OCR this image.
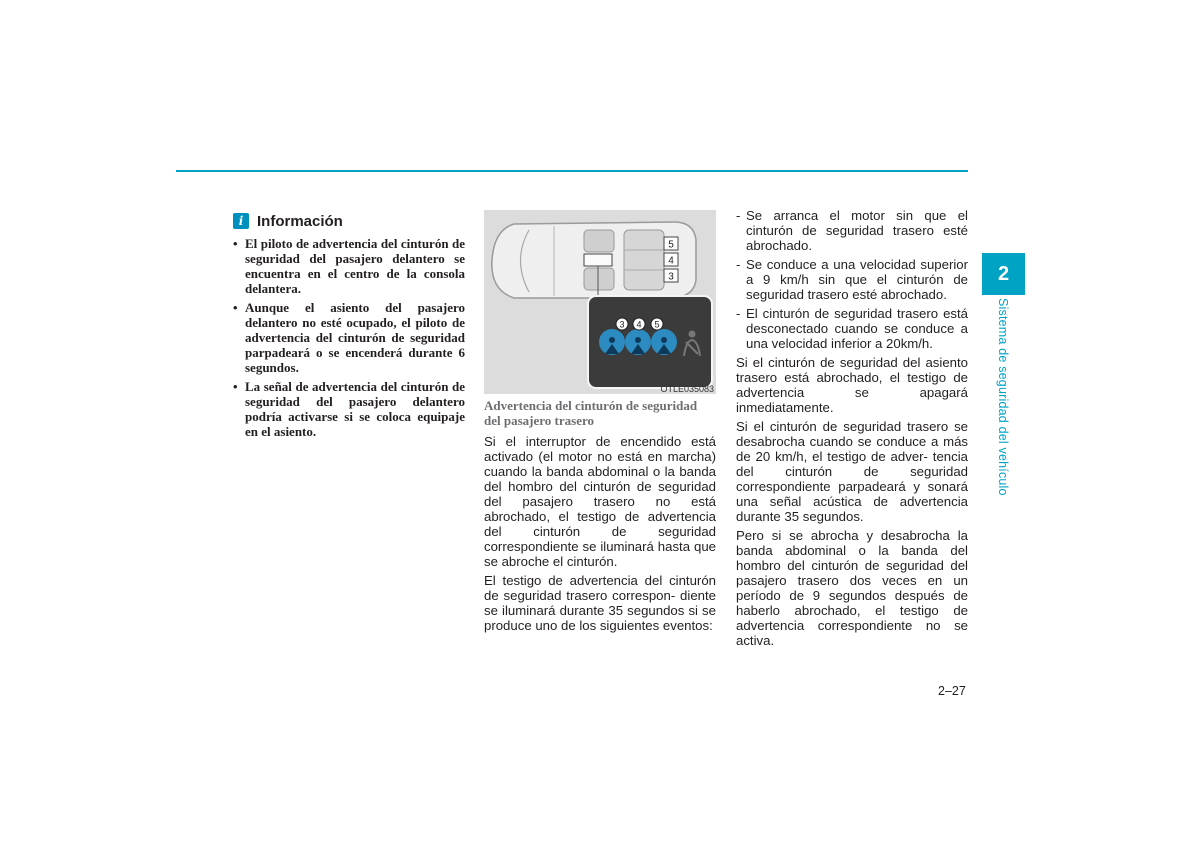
i Información
• El piloto de advertencia del cinturón de seguridad del pasajero delantero se encuentra en el centro de la consola delantera.
• Aunque el asiento del pasajero delantero no esté ocupado, el piloto de advertencia del cinturón de seguridad parpadeará o se encenderá durante 6 segundos.
• La señal de advertencia del cinturón de seguridad del pasajero delantero podría activarse si se coloca equipaje en el asiento.
5
4
3
3 4 5
OTLE035083
Advertencia del cinturón de seguridad del pasajero trasero

Si el interruptor de encendido está activado (el motor no está en marcha) cuando la banda abdominal o la banda del hombro del cinturón de seguridad del pasajero trasero no está abrochado, el testigo de advertencia del cinturón de seguridad correspondiente se iluminará hasta que se abroche el cinturón.

El testigo de advertencia del cinturón de seguridad trasero correspon- diente se iluminará durante 35 segundos si se produce uno de los siguientes eventos:

- Se arranca el motor sin que el cinturón de seguridad trasero esté abrochado.
- Se conduce a una velocidad superior a 9 km/h sin que el cinturón de seguridad trasero esté abrochado.
- El cinturón de seguridad trasero está desconectado cuando se conduce a una velocidad inferior a 20km/h.

Si el cinturón de seguridad del asiento trasero está abrochado, el testigo de advertencia se apagará inmediatamente.

Si el cinturón de seguridad trasero se desabrocha cuando se conduce a más de 20 km/h, el testigo de adver- tencia del cinturón de seguridad correspondiente parpadeará y sonará una señal acústica de advertencia durante 35 segundos.

Pero si se abrocha y desabrocha la banda abdominal o la banda del hombro del cinturón de seguridad del pasajero trasero dos veces en un período de 9 segundos después de haberlo abrochado, el testigo de advertencia correspondiente no se activa.

2–27
2
Sistema de seguridad del vehículo
